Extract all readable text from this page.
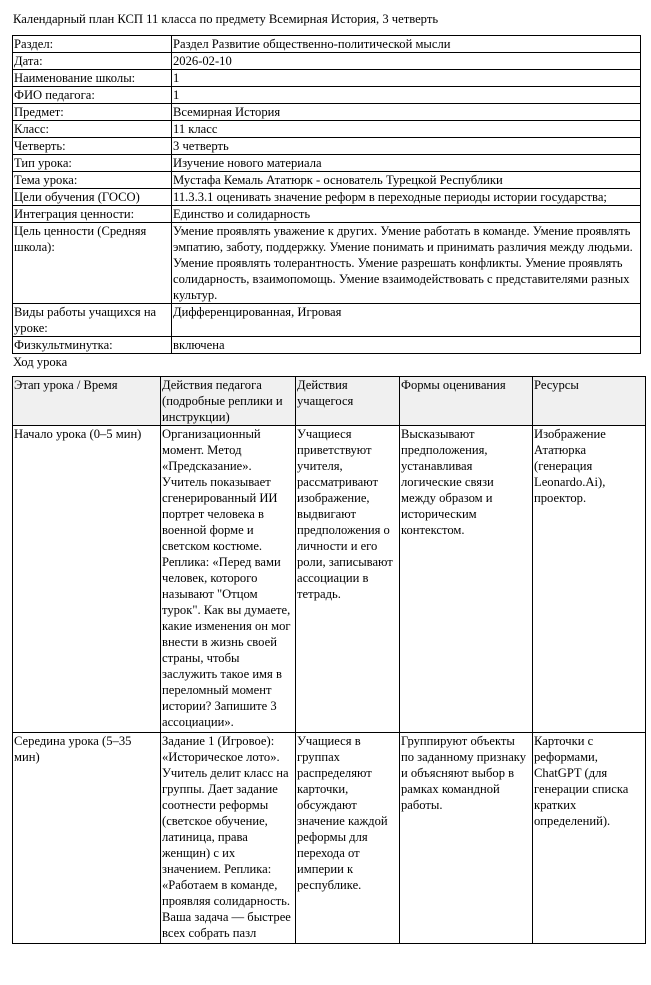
Календарный план КСП 11 класса по предмету Всемирная История, 3 четверть
Раздел:	Раздел Развитие общественно-политической мысли
Дата:	2026-02-10
Наименование школы:	1
ФИО педагога:	1
Предмет:	Всемирная История
Класс:	11 класс
Четверть:	3 четверть
Тип урока:	Изучение нового материала
Тема урока:	Мустафа Кемаль Ататюрк - основатель Турецкой Республики
Цели обучения (ГОСО)	11.3.3.1 оценивать значение реформ в переходные периоды истории государства;
Интеграция ценности:	Единство и солидарность
Цель ценности (Средняя школа):	Умение проявлять уважение к других. Умение работать в команде. Умение проявлять эмпатию, заботу, поддержку. Умение понимать и принимать различия между людьми. Умение проявлять толерантность. Умение разрешать конфликты. Умение проявлять солидарность, взаимопомощь. Умение взаимодействовать с представителями разных культур.
Виды работы учащихся на уроке:	Дифференцированная, Игровая
Физкультминутка:	включена
Ход урока
Этап урока / Время	Действия педагога (подробные реплики и инструкции)	Действия учащегося	Формы оценивания	Ресурсы
Начало урока (0–5 мин)	Организационный момент. Метод «Предсказание». Учитель показывает сгенерированный ИИ портрет человека в военной форме и светском костюме. Реплика: «Перед вами человек, которого называют "Отцом турок". Как вы думаете, какие изменения он мог внести в жизнь своей страны, чтобы заслужить такое имя в переломный момент истории? Запишите 3 ассоциации».	Учащиеся приветствуют учителя, рассматривают изображение, выдвигают предположения о личности и его роли, записывают ассоциации в тетрадь.	Высказывают предположения, устанавливая логические связи между образом и историческим контекстом.	Изображение Ататюрка (генерация Leonardo.Ai), проектор.
Середина урока (5–35 мин)	Задание 1 (Игровое): «Историческое лото». Учитель делит класс на группы. Дает задание соотнести реформы (светское обучение, латиница, права женщин) с их значением. Реплика: «Работаем в команде, проявляя солидарность. Ваша задача — быстрее всех собрать пазл	Учащиеся в группах распределяют карточки, обсуждают значение каждой реформы для перехода от империи к республике.	Группируют объекты по заданному признаку и объясняют выбор в рамках командной работы.	Карточки с реформами, ChatGPT (для генерации списка кратких определений).
